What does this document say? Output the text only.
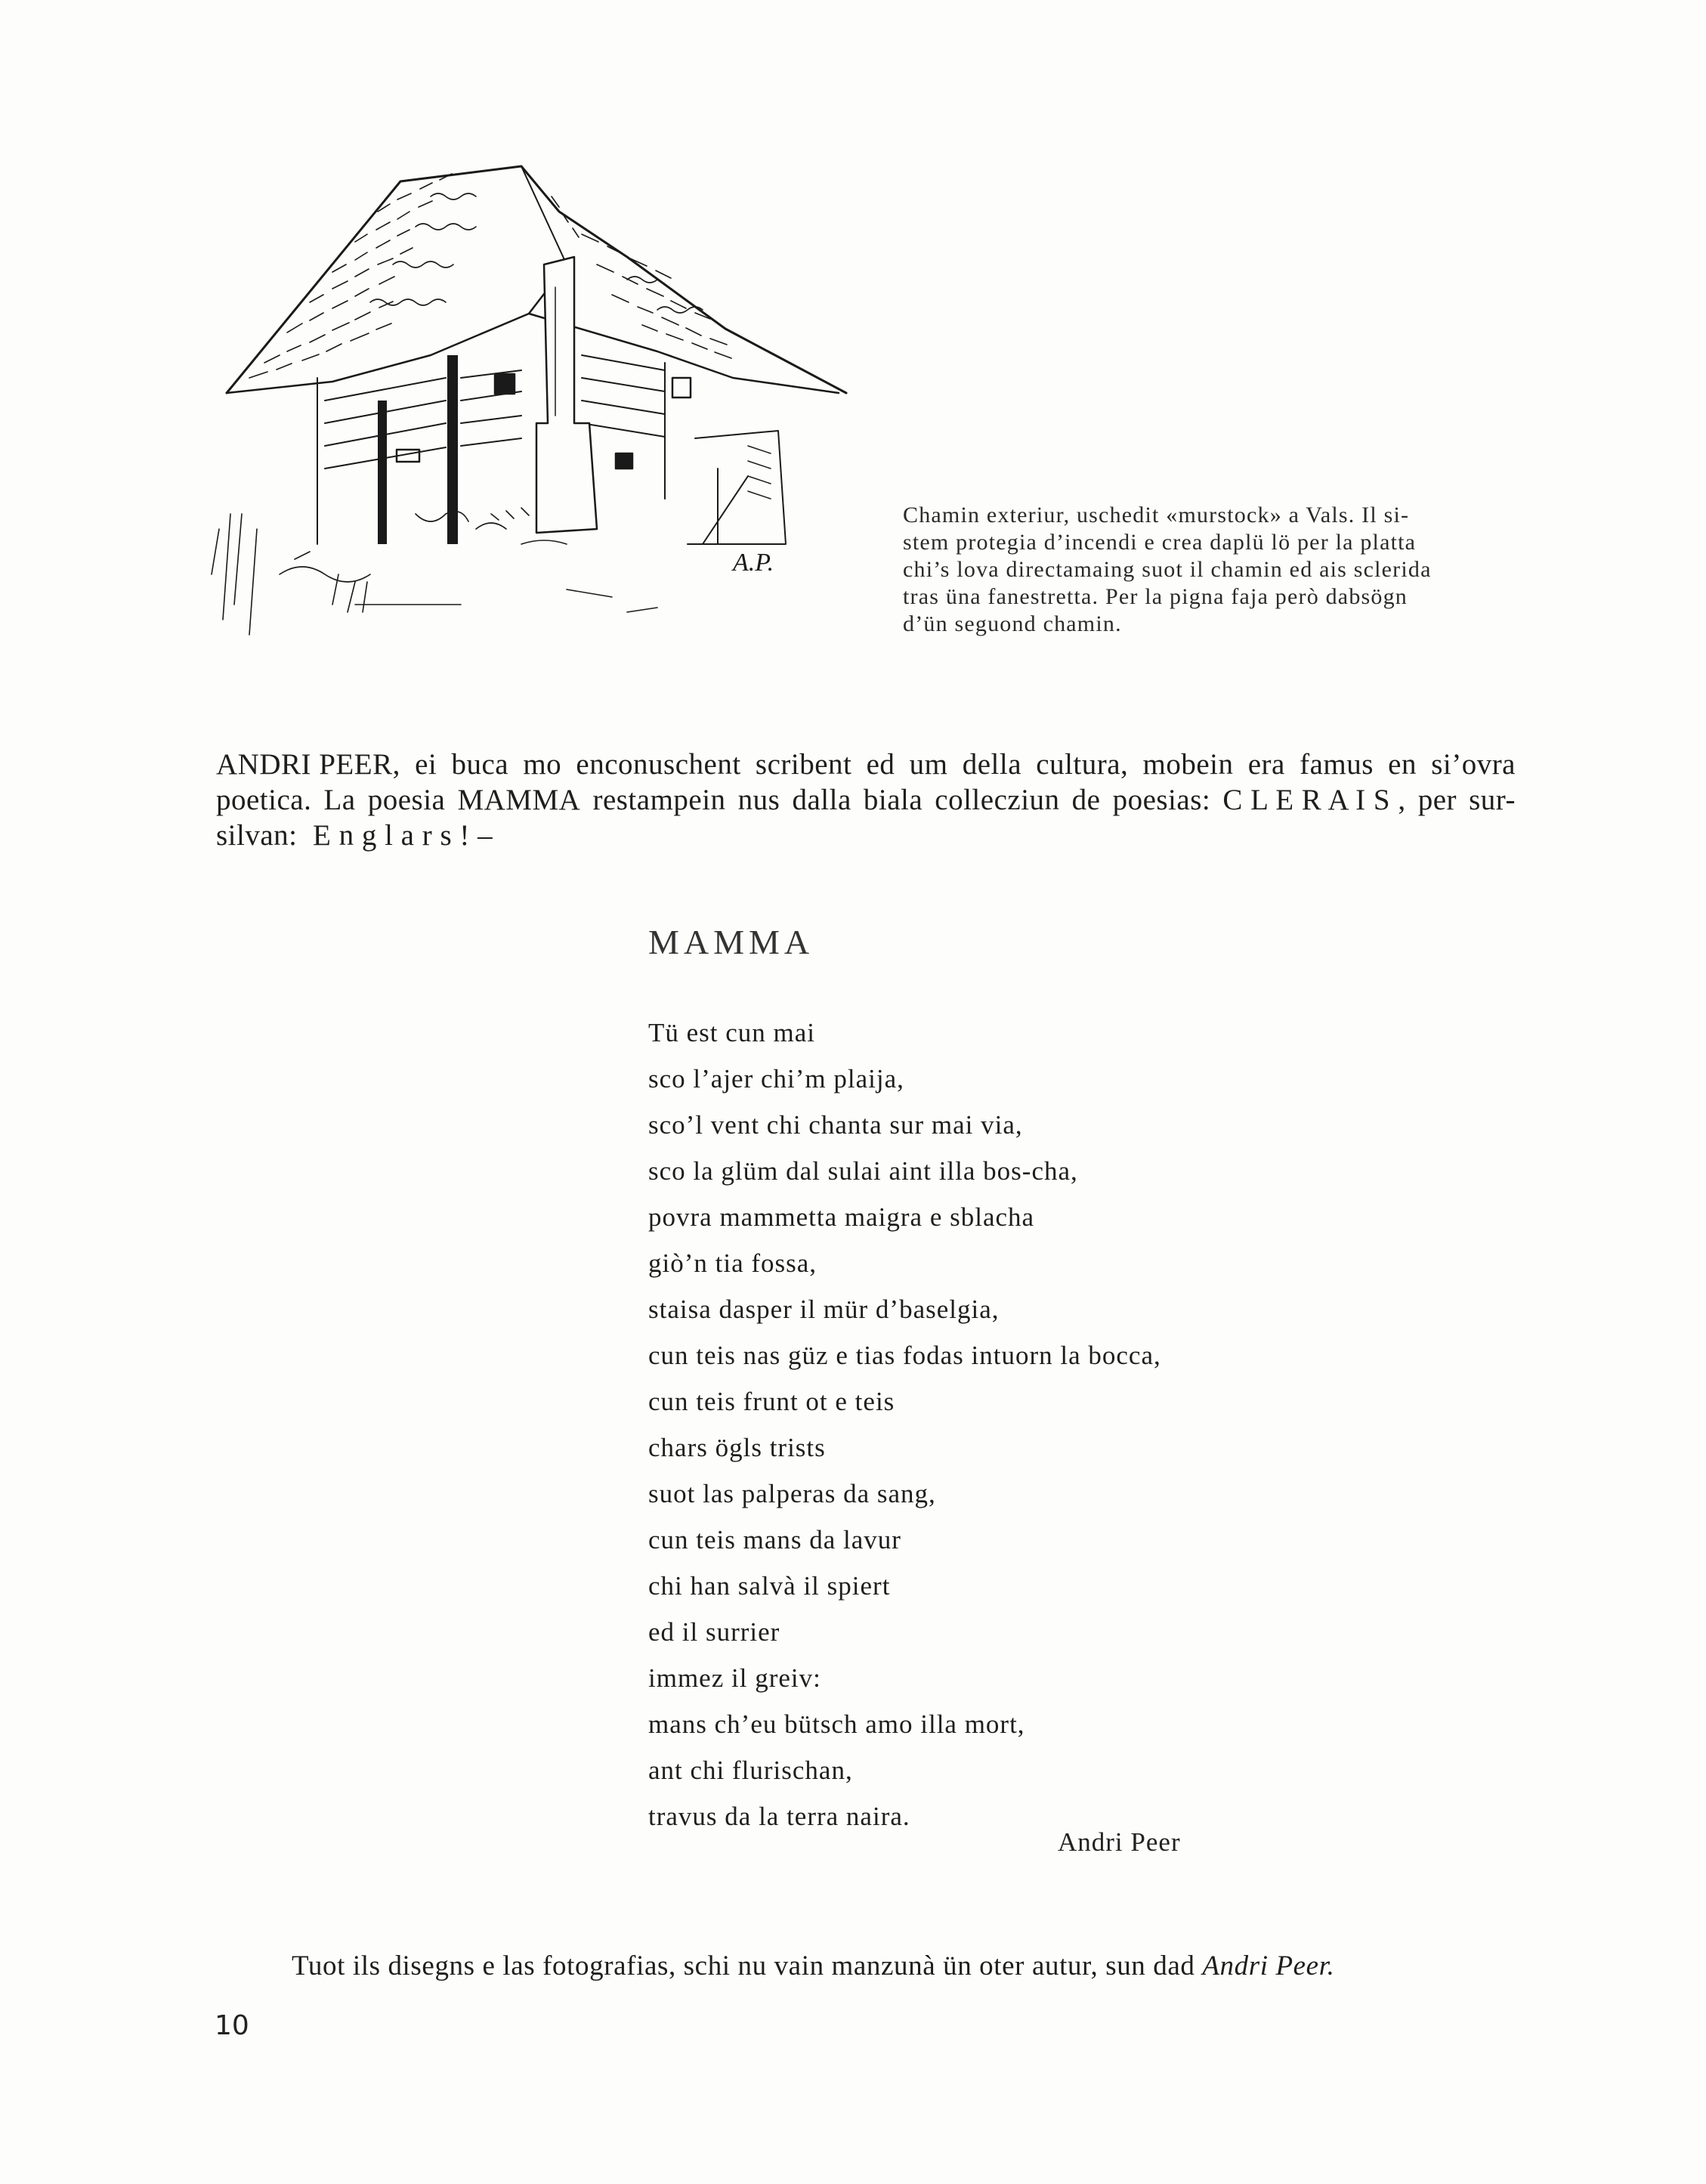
A.P.
Chamin exteriur, uschedit «murstock» a Vals. Il si-
stem protegia d’incendi e crea daplü lö per la platta
chi’s lova directamaing suot il chamin ed ais sclerida
tras üna fanestretta. Per la pigna faja però dabsögn
d’ün seguond chamin.
ANDRI PEER, ei buca mo enconuschent scribent ed um della cultura, mobein era famus en si’ovra
poetica. La poesia MAMMA restampein nus dalla biala collecziun de poesias: C L E R A I S , per sur-
silvan:  E n g l a r s ! –
MAMMA
Tü est cun mai
sco l’ajer chi’m plaija,
sco’l vent chi chanta sur mai via,
sco la glüm dal sulai aint illa bos-cha,
povra mammetta maigra e sblacha
giò’n tia fossa,
staisa dasper il mür d’baselgia,
cun teis nas güz e tias fodas intuorn la bocca,
cun teis frunt ot e teis
chars ögls trists
suot las palperas da sang,
cun teis mans da lavur
chi han salvà il spiert
ed il surrier
immez il greiv:
mans ch’eu bütsch amo illa mort,
ant chi flurischan,
travus da la terra naira.
Andri Peer
Tuot ils disegns e las fotografias, schi nu vain manzunà ün oter autur, sun dad Andri Peer.
10
